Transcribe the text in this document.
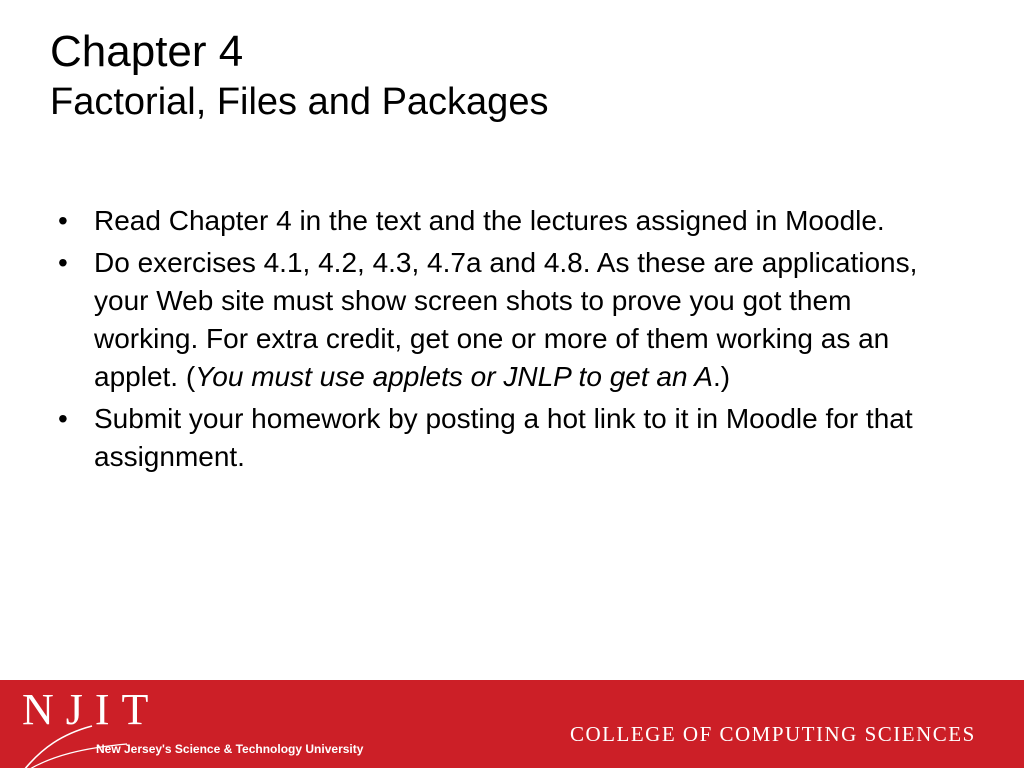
Chapter 4
Factorial, Files and Packages
• Read Chapter 4 in the text and the lectures assigned in Moodle.
• Do exercises 4.1, 4.2, 4.3, 4.7a and 4.8. As these are applications, your Web site must show screen shots to prove you got them working. For extra credit, get one or more of them working as an applet. (You must use applets or JNLP to get an A.)
• Submit your homework by posting a hot link to it in Moodle for that assignment.
NJIT
New Jersey's Science & Technology University
COLLEGE OF COMPUTING SCIENCES
